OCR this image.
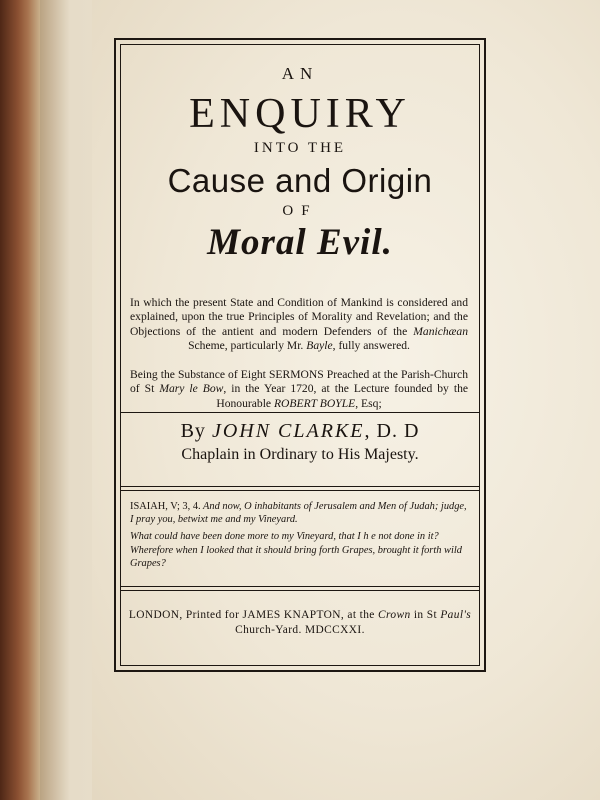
AN

ENQUIRY

INTO THE

Cause and Origin

OF

Moral Evil.

In which the present State and Condition of Mankind is considered and explained, upon the true Principles of Morality and Revelation; and the Objections of the antient and modern Defenders of the Manichæan Scheme, particularly Mr. Bayle, fully answered.

Being the Substance of Eight SERMONS Preached at the Parish-Church of St Mary le Bow, in the Year 1720, at the Lecture founded by the Honourable ROBERT BOYLE, Esq;

By JOHN CLARKE, D. D
Chaplain in Ordinary to His Majesty.

ISAIAH, V; 3, 4. And now, O inhabitants of Jerusalem and Men of Judah; judge, I pray you, betwixt me and my Vineyard.

What could have been done more to my Vineyard, that I h e not done in it? Wherefore when I looked that it should bring forth Grapes, brought it forth wild Grapes?

LONDON, Printed for JAMES KNAPTON, at the Crown in St Paul's Church-Yard. MDCCXXI.
